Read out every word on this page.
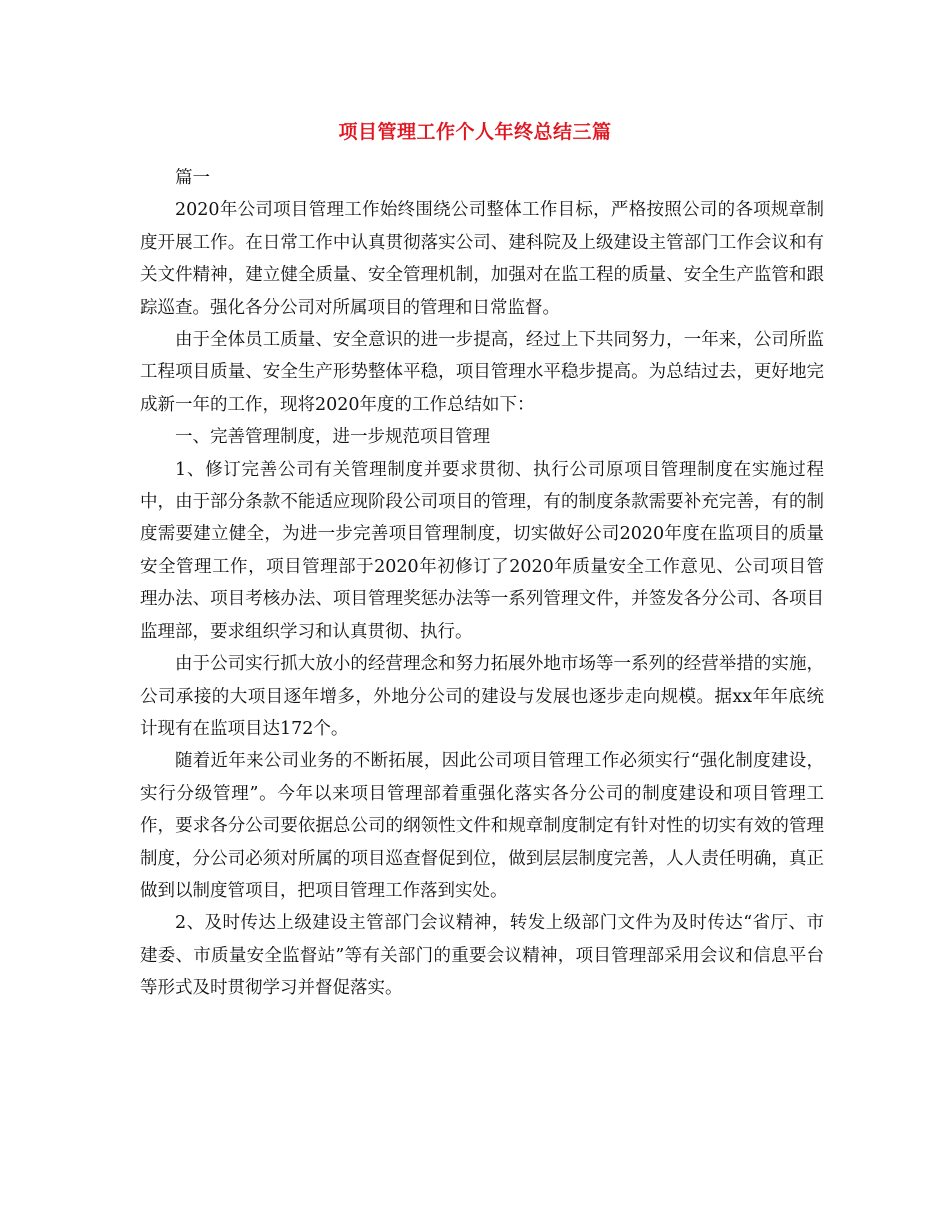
项目管理工作个人年终总结三篇

篇一

2020年公司项目管理工作始终围绕公司整体工作目标，严格按照公司的各项规章制度开展工作。在日常工作中认真贯彻落实公司、建科院及上级建设主管部门工作会议和有关文件精神，建立健全质量、安全管理机制，加强对在监工程的质量、安全生产监管和跟踪巡查。强化各分公司对所属项目的管理和日常监督。

由于全体员工质量、安全意识的进一步提高，经过上下共同努力，一年来，公司所监工程项目质量、安全生产形势整体平稳，项目管理水平稳步提高。为总结过去，更好地完成新一年的工作，现将2020年度的工作总结如下：

一、完善管理制度，进一步规范项目管理

1、修订完善公司有关管理制度并要求贯彻、执行公司原项目管理制度在实施过程中，由于部分条款不能适应现阶段公司项目的管理，有的制度条款需要补充完善，有的制度需要建立健全，为进一步完善项目管理制度，切实做好公司2020年度在监项目的质量安全管理工作，项目管理部于2020年初修订了2020年质量安全工作意见、公司项目管理办法、项目考核办法、项目管理奖惩办法等一系列管理文件，并签发各分公司、各项目监理部，要求组织学习和认真贯彻、执行。

由于公司实行抓大放小的经营理念和努力拓展外地市场等一系列的经营举措的实施，公司承接的大项目逐年增多，外地分公司的建设与发展也逐步走向规模。据xx年年底统计现有在监项目达172个。

随着近年来公司业务的不断拓展，因此公司项目管理工作必须实行“强化制度建设，实行分级管理”。今年以来项目管理部着重强化落实各分公司的制度建设和项目管理工作，要求各分公司要依据总公司的纲领性文件和规章制度制定有针对性的切实有效的管理制度，分公司必须对所属的项目巡查督促到位，做到层层制度完善，人人责任明确，真正做到以制度管项目，把项目管理工作落到实处。

2、及时传达上级建设主管部门会议精神，转发上级部门文件为及时传达“省厅、市建委、市质量安全监督站”等有关部门的重要会议精神，项目管理部采用会议和信息平台等形式及时贯彻学习并督促落实。
